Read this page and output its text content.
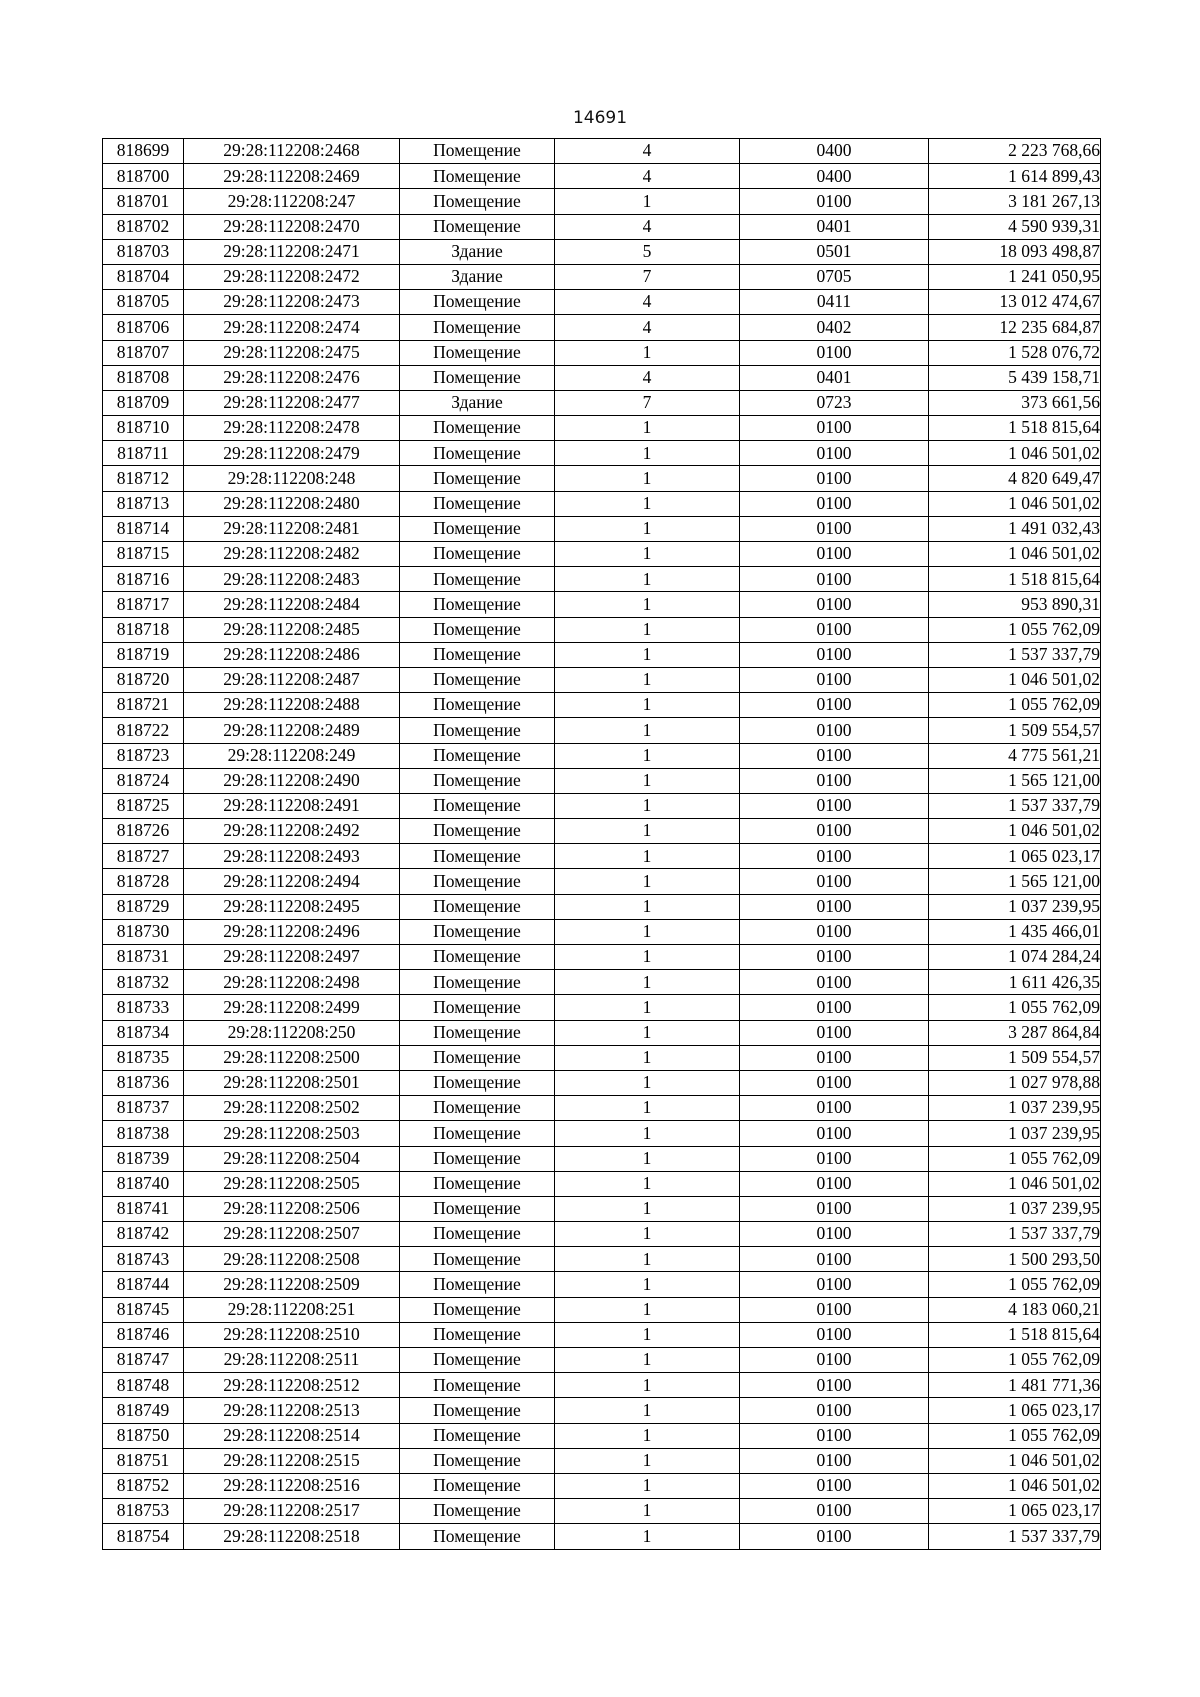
14691
818699	29:28:112208:2468	Помещение	4	0400	2 223 768,66
818700	29:28:112208:2469	Помещение	4	0400	1 614 899,43
818701	29:28:112208:247	Помещение	1	0100	3 181 267,13
818702	29:28:112208:2470	Помещение	4	0401	4 590 939,31
818703	29:28:112208:2471	Здание	5	0501	18 093 498,87
818704	29:28:112208:2472	Здание	7	0705	1 241 050,95
818705	29:28:112208:2473	Помещение	4	0411	13 012 474,67
818706	29:28:112208:2474	Помещение	4	0402	12 235 684,87
818707	29:28:112208:2475	Помещение	1	0100	1 528 076,72
818708	29:28:112208:2476	Помещение	4	0401	5 439 158,71
818709	29:28:112208:2477	Здание	7	0723	373 661,56
818710	29:28:112208:2478	Помещение	1	0100	1 518 815,64
818711	29:28:112208:2479	Помещение	1	0100	1 046 501,02
818712	29:28:112208:248	Помещение	1	0100	4 820 649,47
818713	29:28:112208:2480	Помещение	1	0100	1 046 501,02
818714	29:28:112208:2481	Помещение	1	0100	1 491 032,43
818715	29:28:112208:2482	Помещение	1	0100	1 046 501,02
818716	29:28:112208:2483	Помещение	1	0100	1 518 815,64
818717	29:28:112208:2484	Помещение	1	0100	953 890,31
818718	29:28:112208:2485	Помещение	1	0100	1 055 762,09
818719	29:28:112208:2486	Помещение	1	0100	1 537 337,79
818720	29:28:112208:2487	Помещение	1	0100	1 046 501,02
818721	29:28:112208:2488	Помещение	1	0100	1 055 762,09
818722	29:28:112208:2489	Помещение	1	0100	1 509 554,57
818723	29:28:112208:249	Помещение	1	0100	4 775 561,21
818724	29:28:112208:2490	Помещение	1	0100	1 565 121,00
818725	29:28:112208:2491	Помещение	1	0100	1 537 337,79
818726	29:28:112208:2492	Помещение	1	0100	1 046 501,02
818727	29:28:112208:2493	Помещение	1	0100	1 065 023,17
818728	29:28:112208:2494	Помещение	1	0100	1 565 121,00
818729	29:28:112208:2495	Помещение	1	0100	1 037 239,95
818730	29:28:112208:2496	Помещение	1	0100	1 435 466,01
818731	29:28:112208:2497	Помещение	1	0100	1 074 284,24
818732	29:28:112208:2498	Помещение	1	0100	1 611 426,35
818733	29:28:112208:2499	Помещение	1	0100	1 055 762,09
818734	29:28:112208:250	Помещение	1	0100	3 287 864,84
818735	29:28:112208:2500	Помещение	1	0100	1 509 554,57
818736	29:28:112208:2501	Помещение	1	0100	1 027 978,88
818737	29:28:112208:2502	Помещение	1	0100	1 037 239,95
818738	29:28:112208:2503	Помещение	1	0100	1 037 239,95
818739	29:28:112208:2504	Помещение	1	0100	1 055 762,09
818740	29:28:112208:2505	Помещение	1	0100	1 046 501,02
818741	29:28:112208:2506	Помещение	1	0100	1 037 239,95
818742	29:28:112208:2507	Помещение	1	0100	1 537 337,79
818743	29:28:112208:2508	Помещение	1	0100	1 500 293,50
818744	29:28:112208:2509	Помещение	1	0100	1 055 762,09
818745	29:28:112208:251	Помещение	1	0100	4 183 060,21
818746	29:28:112208:2510	Помещение	1	0100	1 518 815,64
818747	29:28:112208:2511	Помещение	1	0100	1 055 762,09
818748	29:28:112208:2512	Помещение	1	0100	1 481 771,36
818749	29:28:112208:2513	Помещение	1	0100	1 065 023,17
818750	29:28:112208:2514	Помещение	1	0100	1 055 762,09
818751	29:28:112208:2515	Помещение	1	0100	1 046 501,02
818752	29:28:112208:2516	Помещение	1	0100	1 046 501,02
818753	29:28:112208:2517	Помещение	1	0100	1 065 023,17
818754	29:28:112208:2518	Помещение	1	0100	1 537 337,79
